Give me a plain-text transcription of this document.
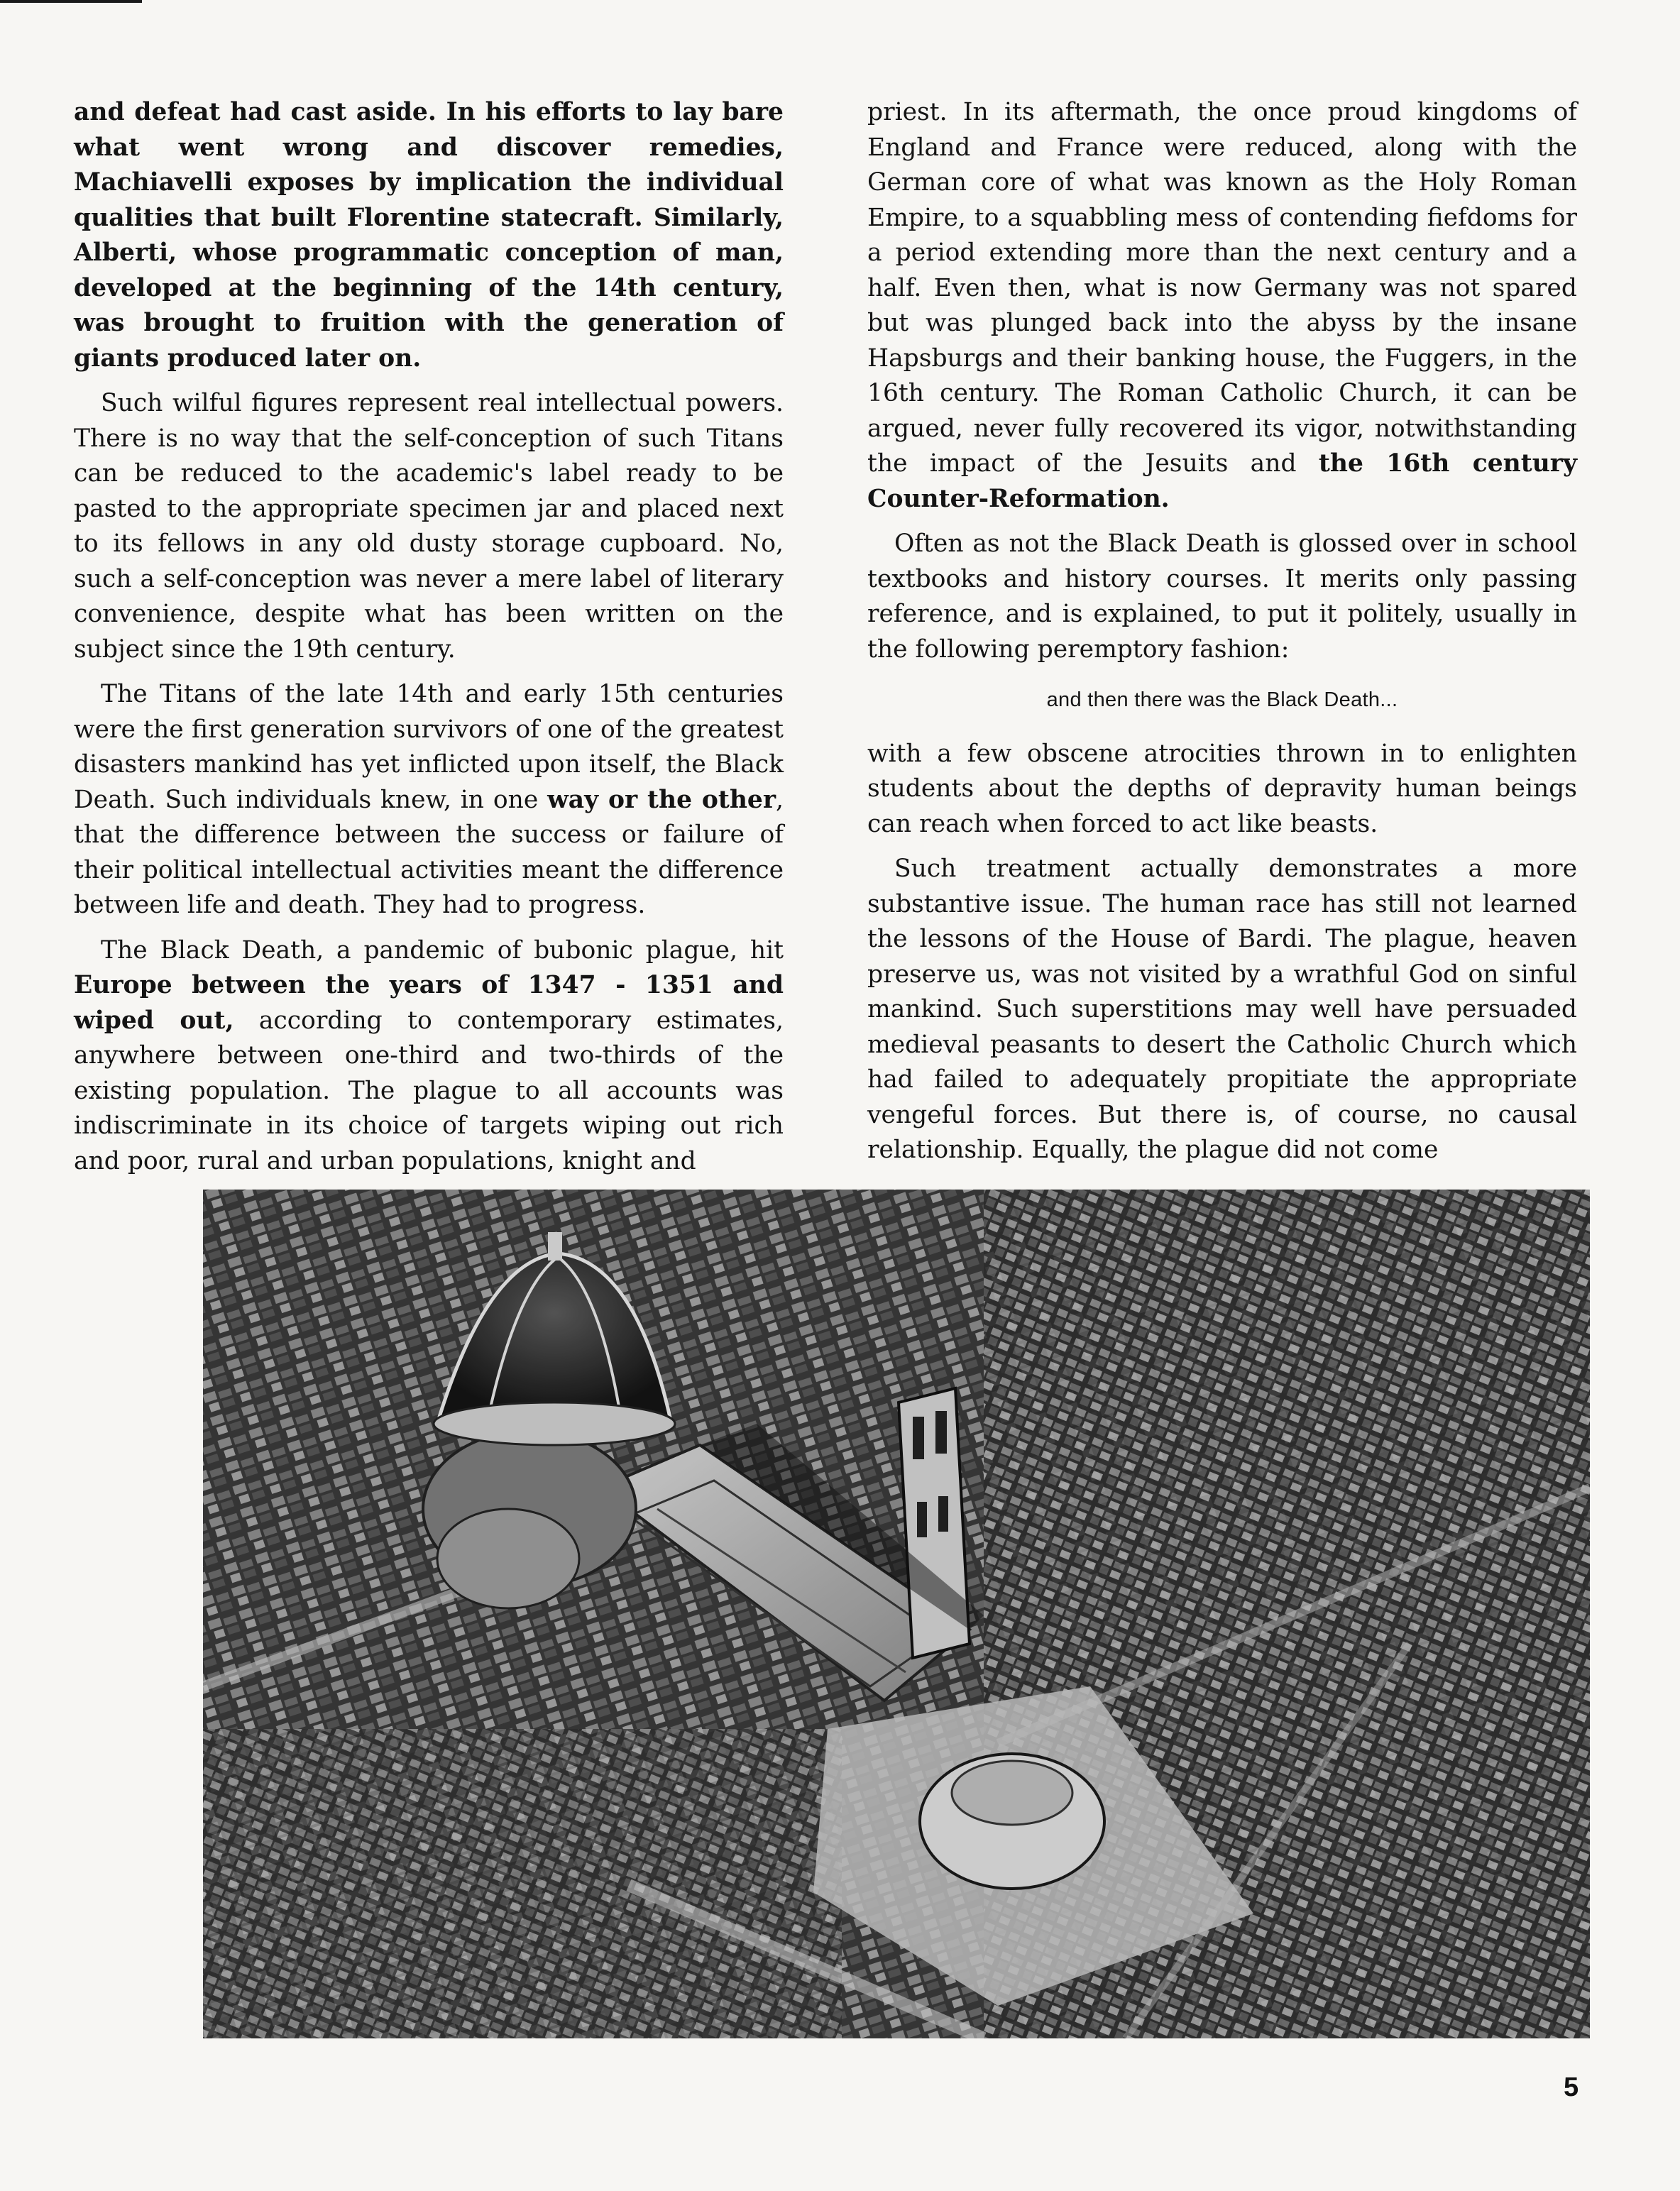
and defeat had cast aside. In his efforts to lay bare what went wrong and discover remedies, Machiavelli exposes by implication the individual qualities that built Florentine statecraft. Similarly, Alberti, whose programmatic conception of man, developed at the beginning of the 14th century, was brought to fruition with the generation of giants produced later on.

Such wilful figures represent real intellectual powers. There is no way that the self-conception of such Titans can be reduced to the academic's label ready to be pasted to the appropriate specimen jar and placed next to its fellows in any old dusty storage cupboard. No, such a self-conception was never a mere label of literary convenience, despite what has been written on the subject since the 19th century.

The Titans of the late 14th and early 15th centuries were the first generation survivors of one of the greatest disasters mankind has yet inflicted upon itself, the Black Death. Such individuals knew, in one way or the other, that the difference between the success or failure of their political intellectual activities meant the difference between life and death. They had to progress.

The Black Death, a pandemic of bubonic plague, hit Europe between the years of 1347 - 1351 and wiped out, according to contemporary estimates, anywhere between one-third and two-thirds of the existing population. The plague to all accounts was indiscriminate in its choice of targets wiping out rich and poor, rural and urban populations, knight and

priest. In its aftermath, the once proud kingdoms of England and France were reduced, along with the German core of what was known as the Holy Roman Empire, to a squabbling mess of contending fiefdoms for a period extending more than the next century and a half. Even then, what is now Germany was not spared but was plunged back into the abyss by the insane Hapsburgs and their banking house, the Fuggers, in the 16th century. The Roman Catholic Church, it can be argued, never fully recovered its vigor, notwithstanding the impact of the Jesuits and the 16th century Counter-Reformation.

Often as not the Black Death is glossed over in school textbooks and history courses. It merits only passing reference, and is explained, to put it politely, usually in the following peremptory fashion:

and then there was the Black Death...

with a few obscene atrocities thrown in to enlighten students about the depths of depravity human beings can reach when forced to act like beasts.

Such treatment actually demonstrates a more substantive issue. The human race has still not learned the lessons of the House of Bardi. The plague, heaven preserve us, was not visited by a wrathful God on sinful mankind. Such superstitions may well have persuaded medieval peasants to desert the Catholic Church which had failed to adequately propitiate the appropriate vengeful forces. But there is, of course, no causal relationship. Equally, the plague did not come

5
